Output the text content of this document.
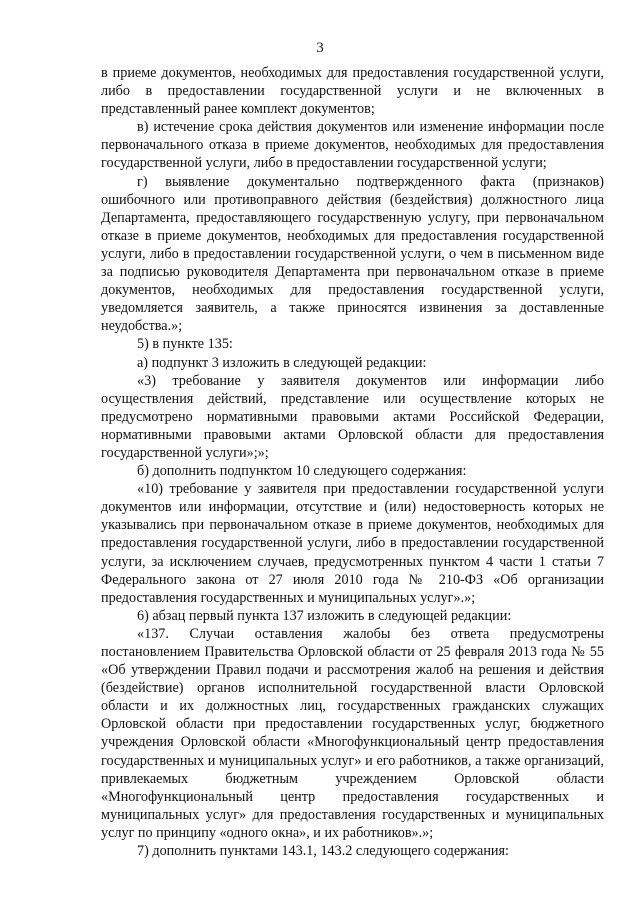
3

в приеме документов, необходимых для предоставления государственной услуги, либо в предоставлении государственной услуги и не включенных в представленный ранее комплект документов;

в) истечение срока действия документов или изменение информации после первоначального отказа в приеме документов, необходимых для предоставления государственной услуги, либо в предоставлении государственной услуги;

г) выявление документально подтвержденного факта (признаков) ошибочного или противоправного действия (бездействия) должностного лица Департамента, предоставляющего государственную услугу, при первоначальном отказе в приеме документов, необходимых для предоставления государственной услуги, либо в предоставлении государственной услуги, о чем в письменном виде за подписью руководителя Департамента при первоначальном отказе в приеме документов, необходимых для предоставления государственной услуги, уведомляется заявитель, а также приносятся извинения за доставленные неудобства.»;

5) в пункте 135:

а) подпункт 3 изложить в следующей редакции:

«3) требование у заявителя документов или информации либо осуществления действий, представление или осуществление которых не предусмотрено нормативными правовыми актами Российской Федерации, нормативными правовыми актами Орловской области для предоставления государственной услуги»;»;

б) дополнить подпунктом 10 следующего содержания:

«10) требование у заявителя при предоставлении государственной услуги документов или информации, отсутствие и (или) недостоверность которых не указывались при первоначальном отказе в приеме документов, необходимых для предоставления государственной услуги, либо в предоставлении государственной услуги, за исключением случаев, предусмотренных пунктом 4 части 1 статьи 7 Федерального закона от 27 июля 2010 года № 210-ФЗ «Об организации предоставления государственных и муниципальных услуг».»;

6) абзац первый пункта 137 изложить в следующей редакции:

«137. Случаи оставления жалобы без ответа предусмотрены постановлением Правительства Орловской области от 25 февраля 2013 года № 55 «Об утверждении Правил подачи и рассмотрения жалоб на решения и действия (бездействие) органов исполнительной государственной власти Орловской области и их должностных лиц, государственных гражданских служащих Орловской области при предоставлении государственных услуг, бюджетного учреждения Орловской области «Многофункциональный центр предоставления государственных и муниципальных услуг» и его работников, а также организаций, привлекаемых бюджетным учреждением Орловской области «Многофункциональный центр предоставления государственных и муниципальных услуг» для предоставления государственных и муниципальных услуг по принципу «одного окна», и их работников».»;

7) дополнить пунктами 143.1, 143.2 следующего содержания:
